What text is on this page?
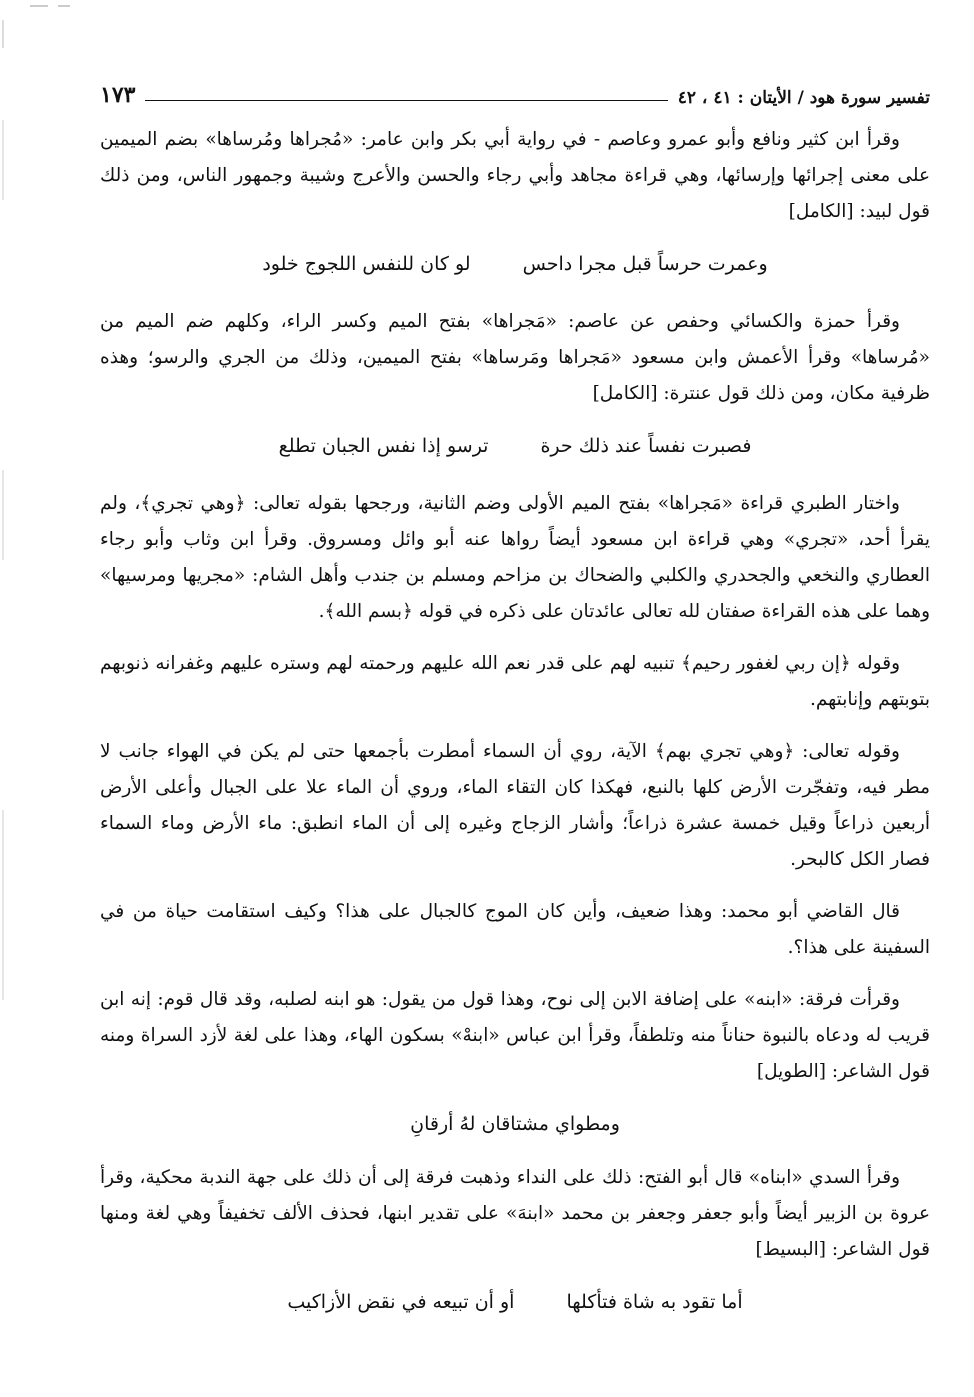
تفسير سورة هود / الأيتان : ٤١ ، ٤٢
١٧٣

وقرأ ابن كثير ونافع وأبو عمرو وعاصم - في رواية أبي بكر وابن عامر: «مُجراها ومُرساها» بضم الميمين على معنى إجرائها وإرسائها، وهي قراءة مجاهد وأبي رجاء والحسن والأعرج وشيبة وجمهور الناس، ومن ذلك قول لبيد: [الكامل]

وعمرت حرساً قبل مجرا داحس
لو كان للنفس اللجوج خلود

وقرأ حمزة والكسائي وحفص عن عاصم: «مَجراها» بفتح الميم وكسر الراء، وكلهم ضم الميم من «مُرساها» وقرأ الأعمش وابن مسعود «مَجراها ومَرساها» بفتح الميمين، وذلك من الجري والرسو؛ وهذه ظرفية مكان، ومن ذلك قول عنترة: [الكامل]

فصبرت نفساً عند ذلك حرة
ترسو إذا نفس الجبان تطلع

واختار الطبري قراءة «مَجراها» بفتح الميم الأولى وضم الثانية، ورجحها بقوله تعالى: ﴿وهي تجري﴾، ولم يقرأ أحد، «تجري» وهي قراءة ابن مسعود أيضاً رواها عنه أبو وائل ومسروق. وقرأ ابن وثاب وأبو رجاء العطاري والنخعي والجحدري والكلبي والضحاك بن مزاحم ومسلم بن جندب وأهل الشام: «مجريها ومرسيها» وهما على هذه القراءة صفتان لله تعالى عائدتان على ذكره في قوله ﴿بسم الله﴾.

وقوله ﴿إن ربي لغفور رحيم﴾ تنبيه لهم على قدر نعم الله عليهم ورحمته لهم وستره عليهم وغفرانه ذنوبهم بتوبتهم وإنابتهم.

وقوله تعالى: ﴿وهي تجري بهم﴾ الآية، روي أن السماء أمطرت بأجمعها حتى لم يكن في الهواء جانب لا مطر فيه، وتفجّرت الأرض كلها بالنبع، فهكذا كان التقاء الماء، وروي أن الماء علا على الجبال وأعلى الأرض أربعين ذراعاً وقيل خمسة عشرة ذراعاً؛ وأشار الزجاج وغيره إلى أن الماء انطبق: ماء الأرض وماء السماء فصار الكل كالبحر.

قال القاضي أبو محمد: وهذا ضعيف، وأين كان الموج كالجبال على هذا؟ وكيف استقامت حياة من في السفينة على هذا؟.

وقرأت فرقة: «ابنه» على إضافة الابن إلى نوح، وهذا قول من يقول: هو ابنه لصلبه، وقد قال قوم: إنه ابن قريب له ودعاه بالنبوة حناناً منه وتلطفاً، وقرأ ابن عباس «ابنهْ» بسكون الهاء، وهذا على لغة لأزد السراة ومنه قول الشاعر: [الطويل]

ومطواي مشتاقان لهُ أرقانِ

وقرأ السدي «ابناه» قال أبو الفتح: ذلك على النداء وذهبت فرقة إلى أن ذلك على جهة الندبة محكية، وقرأ عروة بن الزبير أيضاً وأبو جعفر وجعفر بن محمد «ابنهَ» على تقدير ابنها، فحذف الألف تخفيفاً وهي لغة ومنها قول الشاعر: [البسيط]

أما تقود به شاة فتأكلها
أو أن تبيعه في نقض الأزاكيب
